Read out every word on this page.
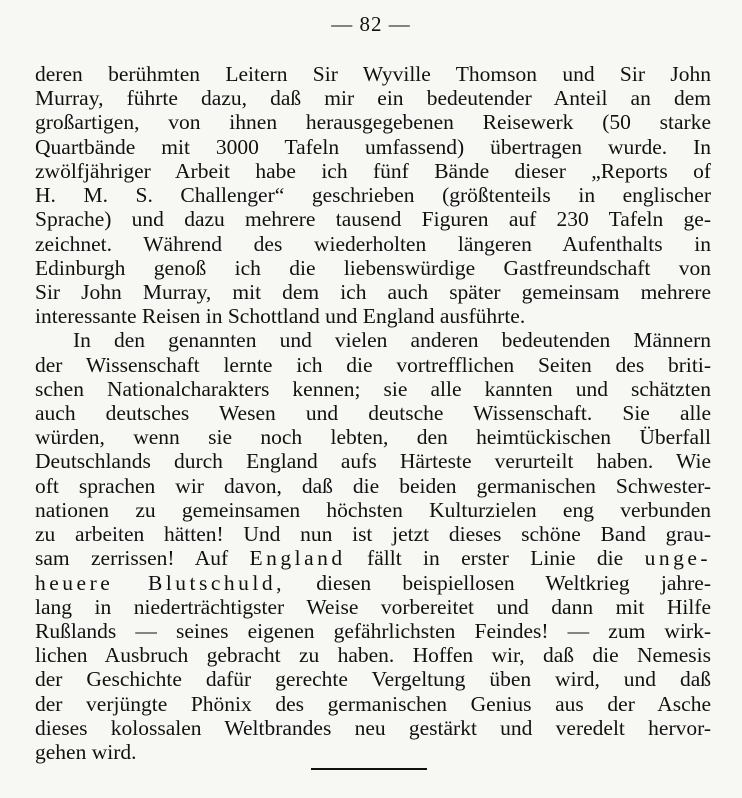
— 82 —
deren berühmten Leitern Sir Wyville Thomson und Sir John
Murray, führte dazu, daß mir ein bedeutender Anteil an dem
großartigen, von ihnen herausgegebenen Reisewerk (50 starke
Quartbände mit 3000 Tafeln umfassend) übertragen wurde. In
zwölfjähriger Arbeit habe ich fünf Bände dieser „Reports of
H. M. S. Challenger“ geschrieben (größtenteils in englischer
Sprache) und dazu mehrere tausend Figuren auf 230 Tafeln ge-
zeichnet. Während des wiederholten längeren Aufenthalts in
Edinburgh genoß ich die liebenswürdige Gastfreundschaft von
Sir John Murray, mit dem ich auch später gemeinsam mehrere
interessante Reisen in Schottland und England ausführte.
In den genannten und vielen anderen bedeutenden Männern
der Wissenschaft lernte ich die vortrefflichen Seiten des briti-
schen Nationalcharakters kennen; sie alle kannten und schätzten
auch deutsches Wesen und deutsche Wissenschaft. Sie alle
würden, wenn sie noch lebten, den heimtückischen Überfall
Deutschlands durch England aufs Härteste verurteilt haben. Wie
oft sprachen wir davon, daß die beiden germanischen Schwester-
nationen zu gemeinsamen höchsten Kulturzielen eng verbunden
zu arbeiten hätten! Und nun ist jetzt dieses schöne Band grau-
sam zerrissen! Auf England fällt in erster Linie die unge-
heuere Blutschuld, diesen beispiellosen Weltkrieg jahre-
lang in niederträchtigster Weise vorbereitet und dann mit Hilfe
Rußlands — seines eigenen gefährlichsten Feindes! — zum wirk-
lichen Ausbruch gebracht zu haben. Hoffen wir, daß die Nemesis
der Geschichte dafür gerechte Vergeltung üben wird, und daß
der verjüngte Phönix des germanischen Genius aus der Asche
dieses kolossalen Weltbrandes neu gestärkt und veredelt hervor-
gehen wird.
